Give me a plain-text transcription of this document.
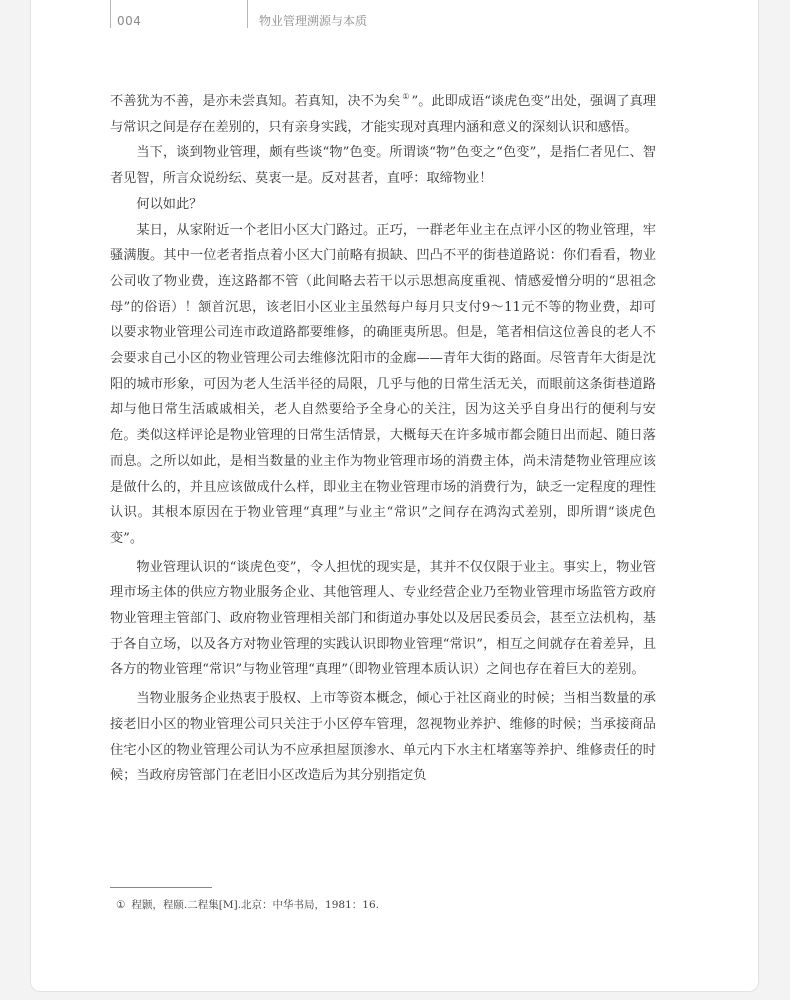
004	物业管理溯源与本质

不善犹为不善，是亦未尝真知。若真知，决不为矣 ① ”。此即成语“谈虎色变”出处，强调了真理与常识之间是存在差别的，只有亲身实践，才能实现对真理内涵和意义的深刻认识和感悟。

当下，谈到物业管理，颇有些谈“物”色变。所谓谈“物”色变之“色变”，是指仁者见仁、智者见智，所言众说纷纭、莫衷一是。反对甚者，直呼：取缔物业！

何以如此？

某日，从家附近一个老旧小区大门路过。正巧，一群老年业主在点评小区的物业管理，牢骚满腹。其中一位老者指点着小区大门前略有损缺、凹凸不平的街巷道路说：你们看看，物业公司收了物业费，连这路都不管（此间略去若干以示思想高度重视、情感爱憎分明的“思祖念母”的俗语）！颔首沉思，该老旧小区业主虽然每户每月只支付9～11元不等的物业费，却可以要求物业管理公司连市政道路都要维修，的确匪夷所思。但是，笔者相信这位善良的老人不会要求自己小区的物业管理公司去维修沈阳市的金廊——青年大街的路面。尽管青年大街是沈阳的城市形象，可因为老人生活半径的局限，几乎与他的日常生活无关，而眼前这条街巷道路却与他日常生活戚戚相关，老人自然要给予全身心的关注，因为这关乎自身出行的便利与安危。类似这样评论是物业管理的日常生活情景，大概每天在许多城市都会随日出而起、随日落而息。之所以如此，是相当数量的业主作为物业管理市场的消费主体，尚未清楚物业管理应该是做什么的，并且应该做成什么样，即业主在物业管理市场的消费行为，缺乏一定程度的理性认识。其根本原因在于物业管理“真理”与业主“常识”之间存在鸿沟式差别，即所谓“谈虎色变”。

物业管理认识的“谈虎色变”，令人担忧的现实是，其并不仅仅限于业主。事实上，物业管理市场主体的供应方物业服务企业、其他管理人、专业经营企业乃至物业管理市场监管方政府物业管理主管部门、政府物业管理相关部门和街道办事处以及居民委员会，甚至立法机构，基于各自立场，以及各方对物业管理的实践认识即物业管理“常识”，相互之间就存在着差异，且各方的物业管理“常识”与物业管理“真理”（即物业管理本质认识）之间也存在着巨大的差别。

当物业服务企业热衷于股权、上市等资本概念，倾心于社区商业的时候；当相当数量的承接老旧小区的物业管理公司只关注于小区停车管理，忽视物业养护、维修的时候；当承接商品住宅小区的物业管理公司认为不应承担屋顶渗水、单元内下水主杠堵塞等养护、维修责任的时候；当政府房管部门在老旧小区改造后为其分别指定负

① 程颢，程颐.二程集[M].北京：中华书局，1981：16.
